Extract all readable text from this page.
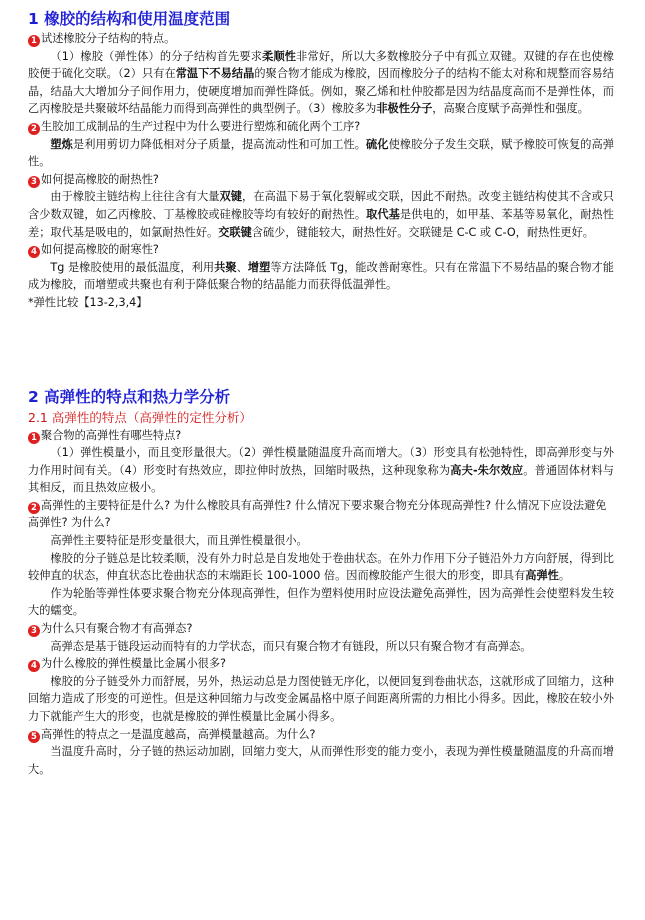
1 橡胶的结构和使用温度范围

1 试述橡胶分子结构的特点。

（1）橡胶（弹性体）的分子结构首先要求柔顺性非常好，所以大多数橡胶分子中有孤立双键。双键的存在也使橡胶便于硫化交联。（2）只有在常温下不易结晶的聚合物才能成为橡胶，因而橡胶分子的结构不能太对称和规整而容易结晶，结晶大大增加分子间作用力，使硬度增加而弹性降低。例如，聚乙烯和杜仲胶都是因为结晶度高而不是弹性体，而乙丙橡胶是共聚破坏结晶能力而得到高弹性的典型例子。（3）橡胶多为非极性分子，高聚合度赋予高弹性和强度。

2 生胶加工成制品的生产过程中为什么要进行塑炼和硫化两个工序?

塑炼是利用剪切力降低相对分子质量，提高流动性和可加工性。硫化使橡胶分子发生交联，赋予橡胶可恢复的高弹性。

3 如何提高橡胶的耐热性?

由于橡胶主链结构上往往含有大量双键，在高温下易于氧化裂解或交联，因此不耐热。改变主链结构使其不含或只含少数双键，如乙丙橡胶、丁基橡胶或硅橡胶等均有较好的耐热性。取代基是供电的，如甲基、苯基等易氧化，耐热性差；取代基是吸电的，如氯耐热性好。交联键含硫少，键能较大，耐热性好。交联键是 C-C 或 C-O，耐热性更好。

4 如何提高橡胶的耐寒性?

Tg 是橡胶使用的最低温度，利用共聚、增塑等方法降低 Tg，能改善耐寒性。只有在常温下不易结晶的聚合物才能成为橡胶，而增塑或共聚也有利于降低聚合物的结晶能力而获得低温弹性。

*弹性比较【13-2,3,4】

2 高弹性的特点和热力学分析
2.1 高弹性的特点（高弹性的定性分析）

1 聚合物的高弹性有哪些特点?

（1）弹性模量小，而且变形量很大。（2）弹性模量随温度升高而增大。（3）形变具有松弛特性，即高弹形变与外力作用时间有关。（4）形变时有热效应，即拉伸时放热，回缩时吸热，这种现象称为高夫-朱尔效应。普通固体材料与其相反，而且热效应极小。

2 高弹性的主要特征是什么? 为什么橡胶具有高弹性? 什么情况下要求聚合物充分体现高弹性? 什么情况下应设法避免高弹性? 为什么?

高弹性主要特征是形变量很大，而且弹性模量很小。

橡胶的分子链总是比较柔顺，没有外力时总是自发地处于卷曲状态。在外力作用下分子链沿外力方向舒展，得到比较伸直的状态，伸直状态比卷曲状态的末端距长 100-1000 倍。因而橡胶能产生很大的形变，即具有高弹性。

作为轮胎等弹性体要求聚合物充分体现高弹性，但作为塑料使用时应设法避免高弹性，因为高弹性会使塑料发生较大的蠕变。

3 为什么只有聚合物才有高弹态?

高弹态是基于链段运动而特有的力学状态，而只有聚合物才有链段，所以只有聚合物才有高弹态。

4 为什么橡胶的弹性模量比金属小很多?

橡胶的分子链受外力而舒展，另外，热运动总是力图使链无序化，以便回复到卷曲状态，这就形成了回缩力，这种回缩力造成了形变的可逆性。但是这种回缩力与改变金属晶格中原子间距离所需的力相比小得多。因此，橡胶在较小外力下就能产生大的形变，也就是橡胶的弹性模量比金属小得多。

5 高弹性的特点之一是温度越高，高弹模量越高。为什么?

当温度升高时，分子链的热运动加剧，回缩力变大，从而弹性形变的能力变小，表现为弹性模量随温度的升高而增大。
